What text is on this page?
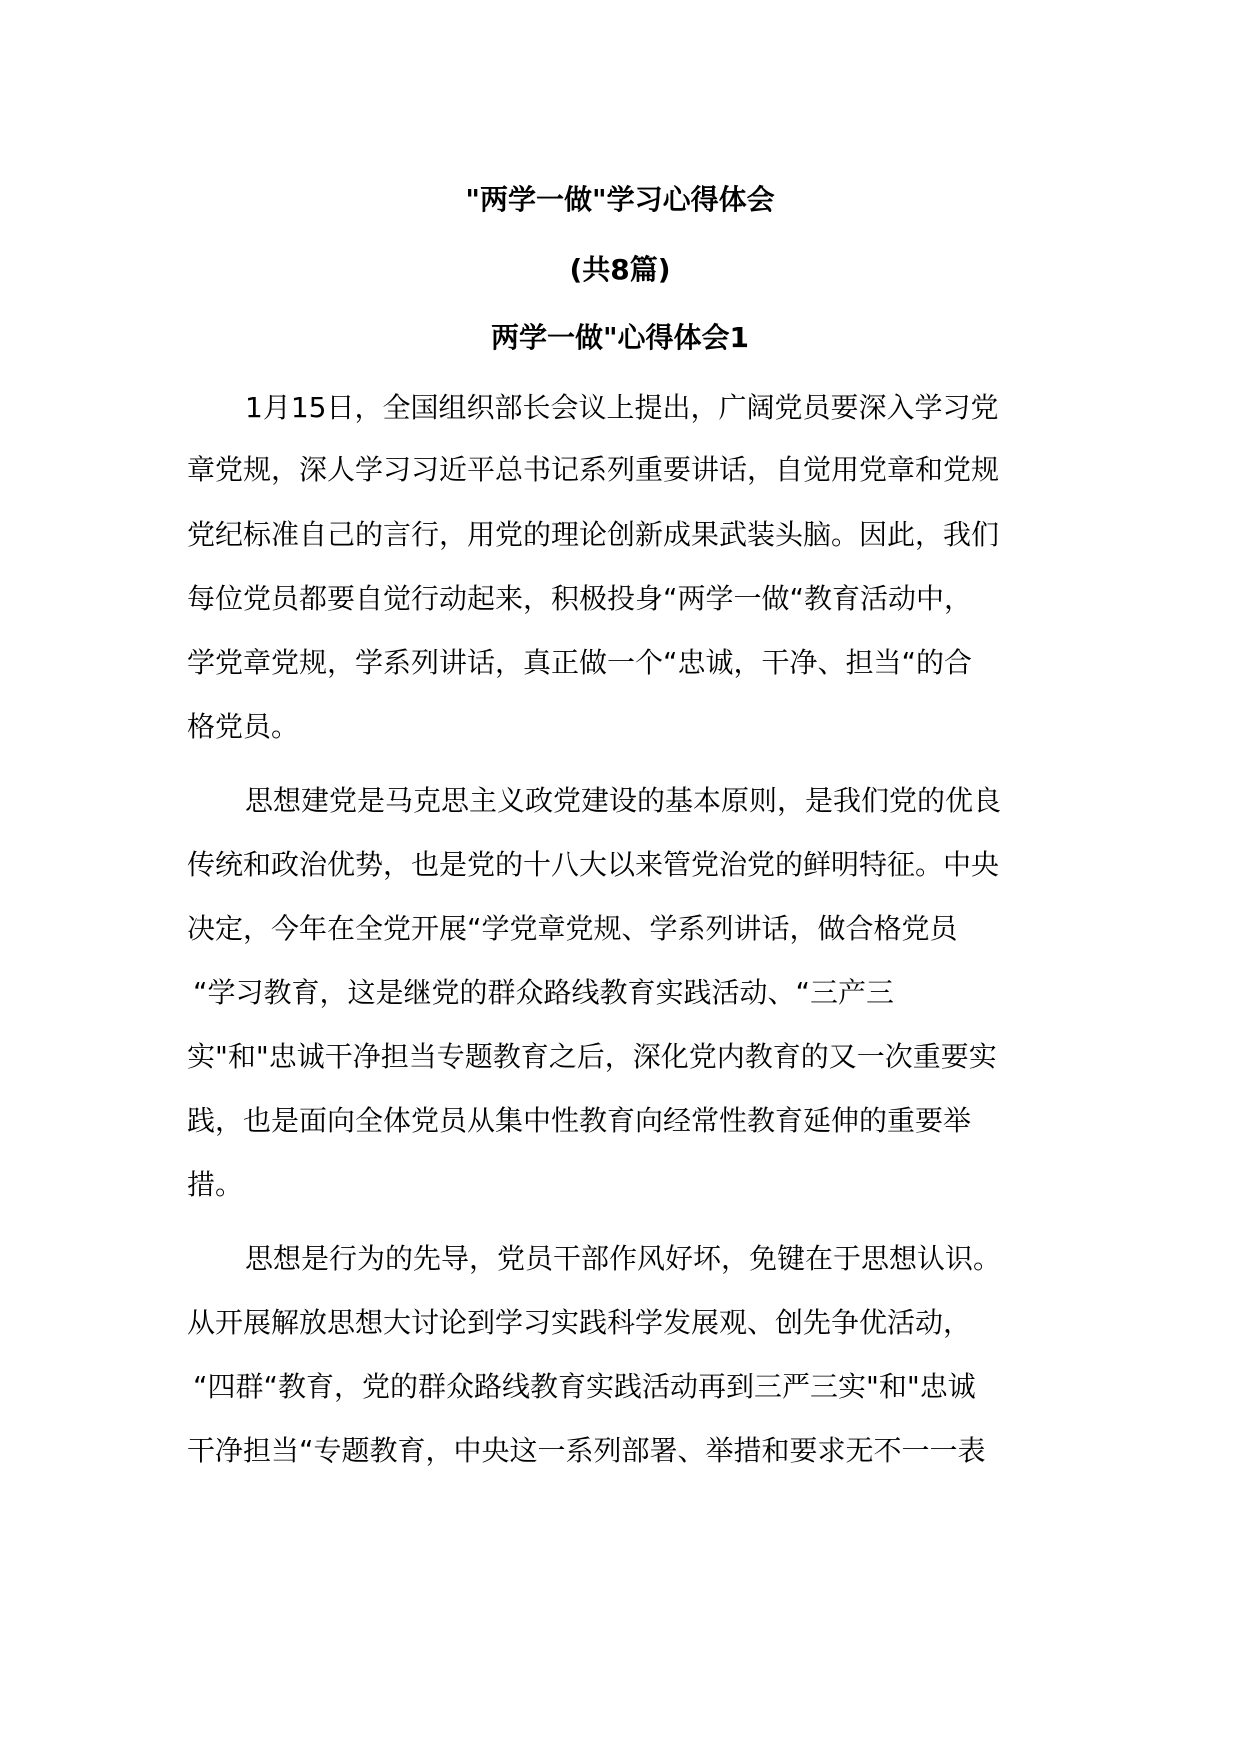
"两学一做"学习心得体会
(共8篇)
两学一做"心得体会1
1月15日，全国组织部长会议上提出，广阔党员要深入学习党
章党规，深人学习习近平总书记系列重要讲话，自觉用党章和党规
党纪标准自己的言行，用党的理论创新成果武装头脑。因此，我们
每位党员都要自觉行动起来，积极投身“两学一做“教育活动中，
学党章党规，学系列讲话，真正做一个“忠诚，干净、担当“的合
格党员。
思想建党是马克思主义政党建设的基本原则，是我们党的优良
传统和政治优势，也是党的十八大以来管党治党的鲜明特征。中央
决定，今年在全党开展“学党章党规、学系列讲话，做合格党员
“学习教育，这是继党的群众路线教育实践活动、“三产三
实"和"忠诚干净担当专题教育之后，深化党内教育的又一次重要实
践，也是面向全体党员从集中性教育向经常性教育延伸的重要举
措。
思想是行为的先导，党员干部作风好坏，免键在于思想认识。
从开展解放思想大讨论到学习实践科学发展观、创先争优活动，
“四群“教育，党的群众路线教育实践活动再到三严三实"和"忠诚
干净担当“专题教育，中央这一系列部署、举措和要求无不一一表
